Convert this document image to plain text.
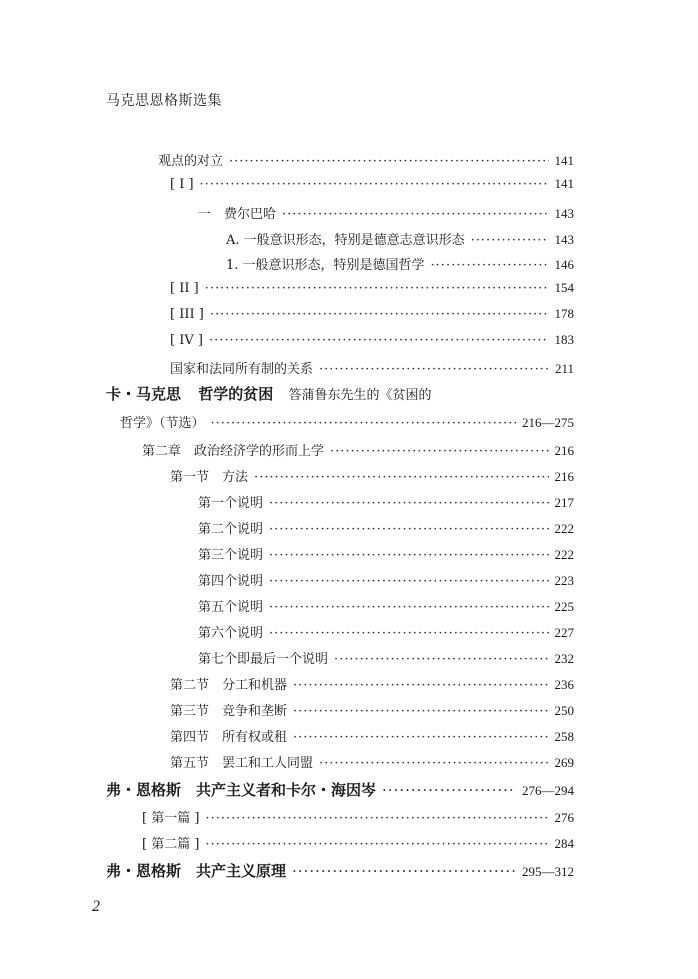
马克思恩格斯选集
观点的对立 ·····	141
[ I ] ·····	141
一　费尔巴哈 ·····	143
A. 一般意识形态，特别是德意志意识形态 ·····	143
1. 一般意识形态，特别是德国哲学 ·····	146
[ II ] ·····	154
[ III ] ·····	178
[ IV ] ·····	183
国家和法同所有制的关系 ·····	211
卡・马克思 哲学的贫困 答蒲鲁东先生的《贫困的
哲学》（节选） ·····	216—275
第二章　政治经济学的形而上学 ·····	216
第一节　方法 ·····	216
第一个说明 ·····	217
第二个说明 ·····	222
第三个说明 ·····	222
第四个说明 ·····	223
第五个说明 ·····	225
第六个说明 ·····	227
第七个即最后一个说明 ·····	232
第二节　分工和机器 ·····	236
第三节　竞争和垄断 ·····	250
第四节　所有权或租 ·····	258
第五节　罢工和工人同盟 ·····	269
弗・恩格斯　共产主义者和卡尔・海因岑 ·····	276—294
[ 第一篇 ] ·····	276
[ 第二篇 ] ·····	284
弗・恩格斯　共产主义原理 ·····	295—312
2
